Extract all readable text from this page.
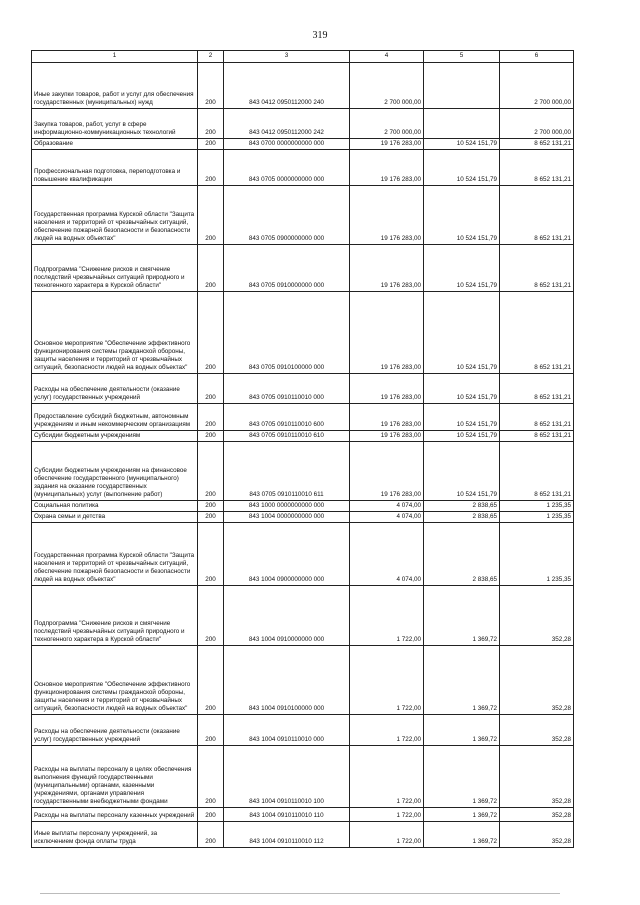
319
1	2	3	4	5	6
Иные закупки товаров, работ и услуг для обеспечения государственных (муниципальных) нужд	200	843 0412 0950112000 240	2 700 000,00		2 700 000,00
Закупка товаров, работ, услуг в сфере информационно-коммуникационных технологий	200	843 0412 0950112000 242	2 700 000,00		2 700 000,00
Образование	200	843 0700 0000000000 000	19 176 283,00	10 524 151,79	8 652 131,21
Профессиональная подготовка, переподготовка и повышение квалификации	200	843 0705 0000000000 000	19 176 283,00	10 524 151,79	8 652 131,21
Государственная программа Курской области "Защита населения и территорий от чрезвычайных ситуаций, обеспечение пожарной безопасности и безопасности людей на водных объектах"	200	843 0705 0900000000 000	19 176 283,00	10 524 151,79	8 652 131,21
Подпрограмма "Снижение рисков и смягчение последствий чрезвычайных ситуаций природного и техногенного характера в Курской области"	200	843 0705 0910000000 000	19 176 283,00	10 524 151,79	8 652 131,21
Основное мероприятие "Обеспечение эффективного функционирования системы гражданской обороны, защиты населения и территорий от чрезвычайных ситуаций, безопасности людей на водных объектах"	200	843 0705 0910100000 000	19 176 283,00	10 524 151,79	8 652 131,21
Расходы на обеспечение деятельности (оказание услуг) государственных учреждений	200	843 0705 0910110010 000	19 176 283,00	10 524 151,79	8 652 131,21
Предоставление субсидий бюджетным, автономным учреждениям и иным некоммерческим организациям	200	843 0705 0910110010 600	19 176 283,00	10 524 151,79	8 652 131,21
Субсидии бюджетным учреждениям	200	843 0705 0910110010 610	19 176 283,00	10 524 151,79	8 652 131,21
Субсидии бюджетным учреждениям на финансовое обеспечение государственного (муниципального) задания на оказание государственных (муниципальных) услуг (выполнение работ)	200	843 0705 0910110010 611	19 176 283,00	10 524 151,79	8 652 131,21
Социальная политика	200	843 1000 0000000000 000	4 074,00	2 838,65	1 235,35
Охрана семьи и детства	200	843 1004 0000000000 000	4 074,00	2 838,65	1 235,35
Государственная программа Курской области "Защита населения и территорий от чрезвычайных ситуаций, обеспечение пожарной безопасности и безопасности людей на водных объектах"	200	843 1004 0900000000 000	4 074,00	2 838,65	1 235,35
Подпрограмма "Снижение рисков и смягчение последствий чрезвычайных ситуаций природного и техногенного характера в Курской области"	200	843 1004 0910000000 000	1 722,00	1 369,72	352,28
Основное мероприятие "Обеспечение эффективного функционирования системы гражданской обороны, защиты населения и территорий от чрезвычайных ситуаций, безопасности людей на водных объектах"	200	843 1004 0910100000 000	1 722,00	1 369,72	352,28
Расходы на обеспечение деятельности (оказание услуг) государственных учреждений	200	843 1004 0910110010 000	1 722,00	1 369,72	352,28
Расходы на выплаты персоналу в целях обеспечения выполнения функций государственными (муниципальными) органами, казенными учреждениями, органами управления государственными внебюджетными фондами	200	843 1004 0910110010 100	1 722,00	1 369,72	352,28
Расходы на выплаты персоналу казенных учреждений	200	843 1004 0910110010 110	1 722,00	1 369,72	352,28
Иные выплаты персоналу учреждений, за исключением фонда оплаты труда	200	843 1004 0910110010 112	1 722,00	1 369,72	352,28
